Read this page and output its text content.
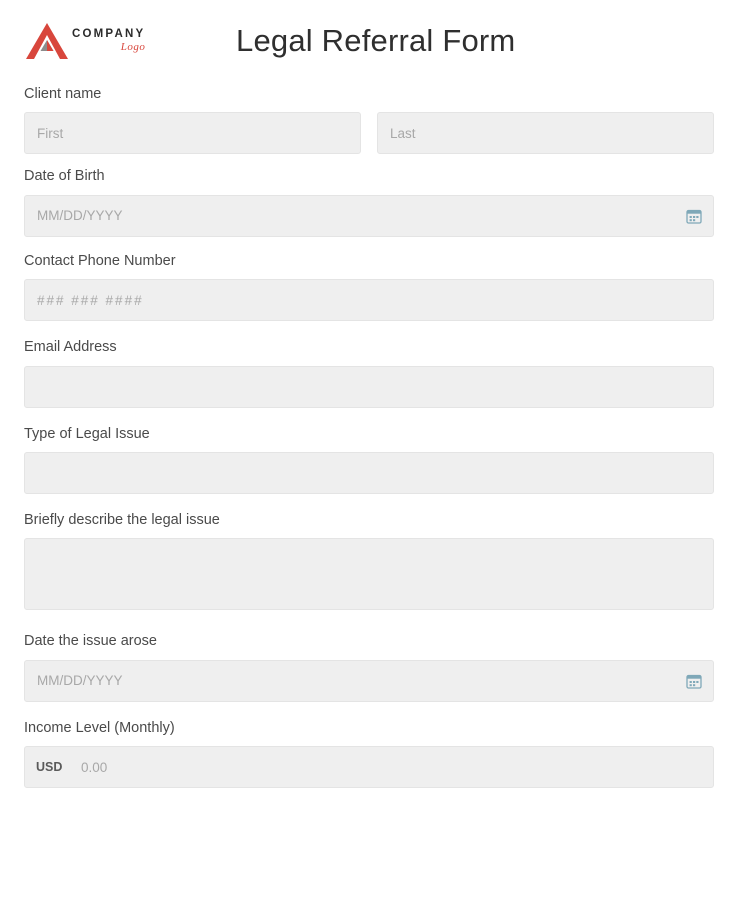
COMPANY
Logo	Legal Referral Form
Client name
First
Last
Date of Birth
MM/DD/YYYY
Contact Phone Number
### ### ####
Email Address
Type of Legal Issue
Briefly describe the legal issue
Date the issue arose
MM/DD/YYYY
Income Level (Monthly)
USD
0.00
